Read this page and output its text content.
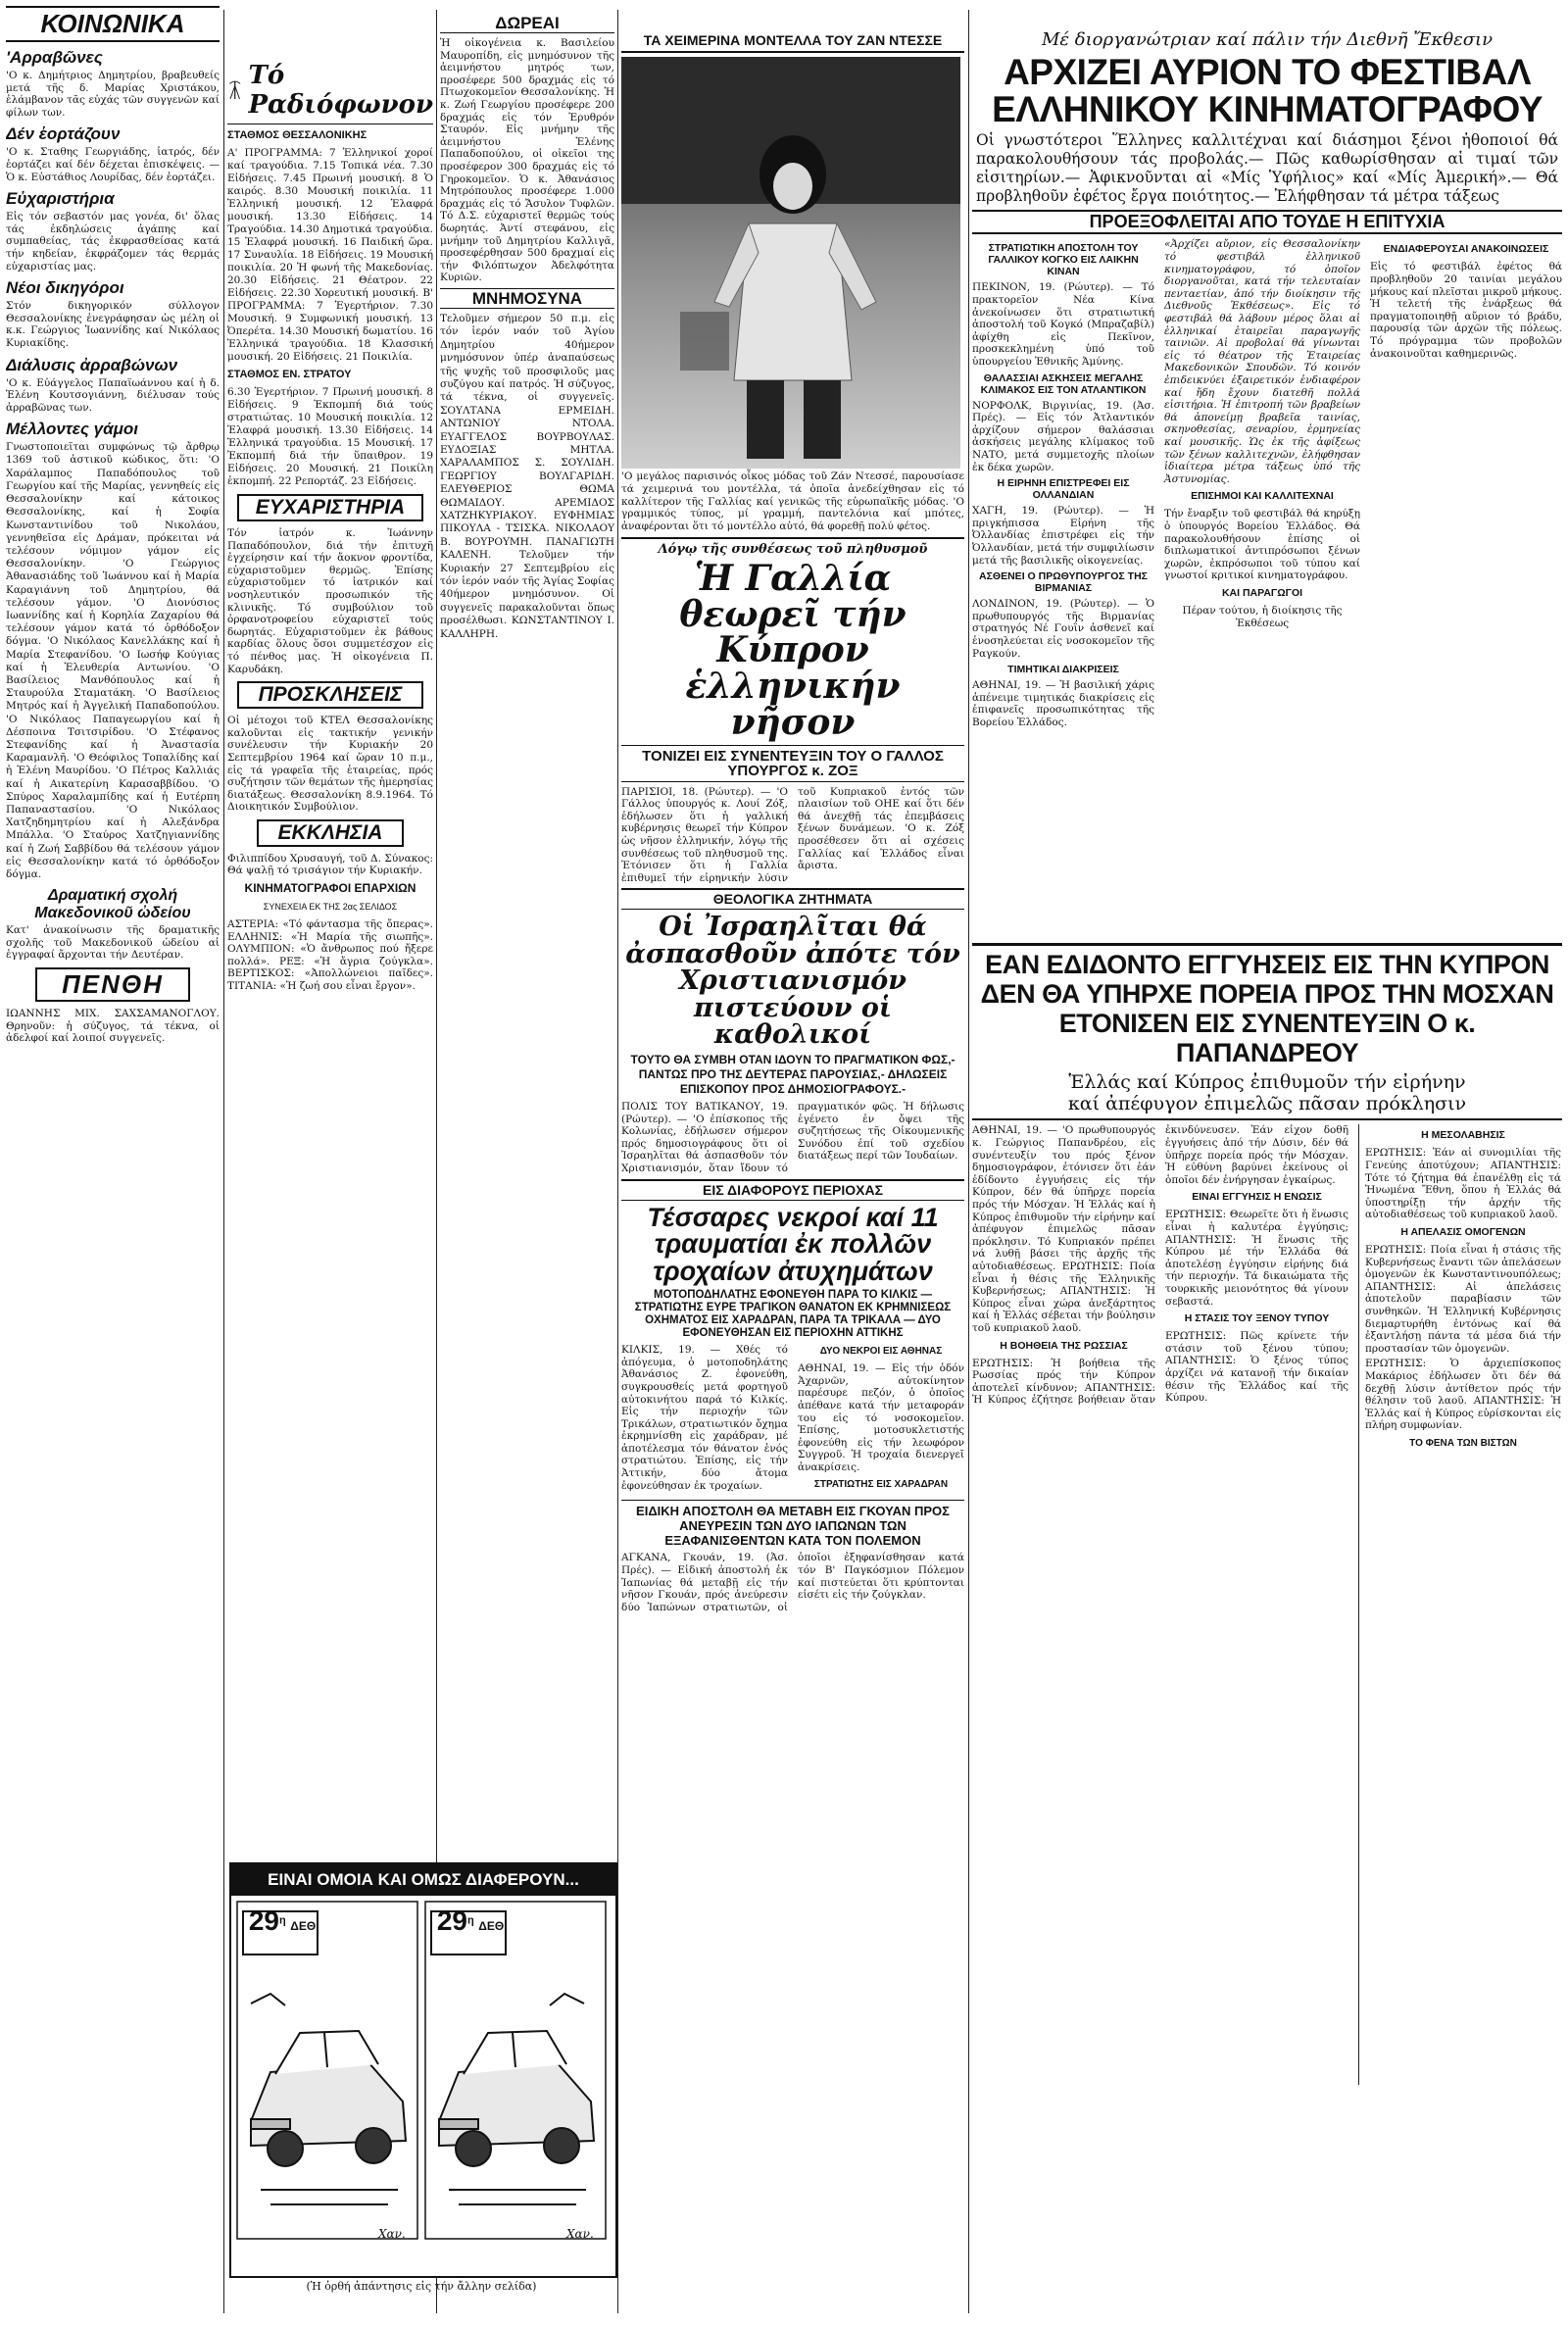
ΚΟΙΝΩΝΙΚΑ
'Αρραβῶνες

'Ο κ. Δημήτριος Δημητρίου, βραβευθείς μετά τῆς δ. Μαρίας Χριστάκου, ἐλάμβανον τᾶς εὐχάς τῶν συγγενῶν καί φίλων των.

Δέν ἑορτάζουν

'Ο κ. Σταθης Γεωργιάδης, ἰατρός, δέν ἑορτάζει καί δέν δέχεται ἐπισκέψεις. — Ὁ κ. Εὐστάθιος Λουρίδας, δέν ἑορτάζει.

Εὐχαριστήρια

Εἰς τόν σεβαστόν μας γονέα, δι' ὅλας τάς ἐκδηλώσεις ἀγάπης καί συμπαθείας, τάς ἐκφρασθείσας κατά τήν κηδείαν, ἐκφράζομεν τάς θερμάς εὐχαριστίας μας.

Νέοι δικηγόροι

Στόν δικηγορικόν σύλλογον Θεσσαλονίκης ἐνεγράφησαν ὡς μέλη οἱ κ.κ. Γεώργιος Ἰωαννίδης καί Νικόλαος Κυριακίδης.

Διάλυσις ἀρραβώνων

'Ο κ. Εὐάγγελος Παπαϊωάννου καί ἡ δ. Ἑλένη Κουτσογιάννη, διέλυσαν τούς ἀρραβῶνας των.

Μέλλοντες γάμοι

Γνωστοποιεῖται συμφώνως τῷ ἄρθρῳ 1369 τοῦ ἀστικοῦ κώδικος, ὅτι: 'Ο Χαράλαμπος Παπαδόπουλος τοῦ Γεωργίου καί τῆς Μαρίας, γεννηθείς εἰς Θεσσαλονίκην καί κάτοικος Θεσσαλονίκης, καί ἡ Σοφία Κωνσταντινίδου τοῦ Νικολάου, γεννηθεῖσα εἰς Δράμαν, πρόκειται νά τελέσουν νόμιμον γάμον εἰς Θεσσαλονίκην. 'Ο Γεώργιος Ἀθανασιάδης τοῦ Ἰωάννου καί ἡ Μαρία Καραγιάννη τοῦ Δημητρίου, θά τελέσουν γάμον. 'Ο Διονύσιος Ιωαννίδης καί ἡ Κορηλία Ζαχαρίου θά τελέσουν γάμον κατά τό ὀρθόδοξον δόγμα. 'Ο Νικόλαος Κανελλάκης καί ἡ Μαρία Στεφανίδου. 'Ο Ιωσήφ Κούγιας καί ἡ Ἐλευθερία Αντωνίου. 'Ο Βασίλειος Μανθόπουλος καί ἡ Σταυρούλα Σταματάκη. 'Ο Βασίλειος Μητρός καί ἡ Ἀγγελική Παπαδοπούλου. 'Ο Νικόλαος Παπαγεωργίου καί ἡ Δέσποινα Τσιτσιρίδου. 'Ο Στέφανος Στεφανίδης καί ἡ Ἀναστασία Καραμανλῆ. 'Ο Θεόφιλος Τοπαλίδης καί ἡ Ἑλένη Μαυρίδου. 'Ο Πέτρος Καλλιάς καί ἡ Αικατερίνη Καρασαββίδου. 'Ο Σπύρος Χαραλαμπίδης καί ἡ Ευτέρπη Παπαναστασίου. 'Ο Νικόλαος Χατζηδημητρίου καί ἡ Αλεξάνδρα Μπάλλα. 'Ο Σταύρος Χατζηγιαννίδης καί ἡ Ζωή Σαββίδου θά τελέσουν γάμον εἰς Θεσσαλονίκην κατά τό ὀρθόδοξον δόγμα.

Δραματική σχολή Μακεδονικοῦ ὠδείου

Κατ' ἀνακοίνωσιν τῆς δραματικῆς σχολῆς τοῦ Μακεδονικοῦ ὠδείου αἱ ἐγγραφαί ἄρχονται τήν Δευτέραν.

ΠΕΝΘΗ

ΙΩΑΝΝΗΣ ΜΙΧ. ΣΑΧΣΑΜΑΝΟΓΛΟΥ. Θρηνοῦν: ἡ σύζυγος, τά τέκνα, οἱ ἀδελφοί καί λοιποί συγγενεῖς.

Τό Ραδιόφωνον
ΣΤΑΘΜΟΣ ΘΕΣΣΑΛΟΝΙΚΗΣ

Α' ΠΡΟΓΡΑΜΜΑ: 7 Ἑλληνικοί χοροί καί τραγούδια. 7.15 Τοπικά νέα. 7.30 Εἰδήσεις. 7.45 Πρωινή μουσική. 8 Ὁ καιρός. 8.30 Μουσική ποικιλία. 11 Ἑλληνική μουσική. 12 Ἐλαφρά μουσική. 13.30 Εἰδήσεις. 14 Τραγούδια. 14.30 Δημοτικά τραγούδια. 15 Ἐλαφρά μουσική. 16 Παιδική ὥρα. 17 Συναυλία. 18 Εἰδήσεις. 19 Μουσική ποικιλία. 20 Ἡ φωνή τῆς Μακεδονίας. 20.30 Εἰδήσεις. 21 Θέατρον. 22 Εἰδήσεις. 22.30 Χορευτική μουσική. Β' ΠΡΟΓΡΑΜΜΑ: 7 Ἐγερτήριον. 7.30 Μουσική. 9 Συμφωνική μουσική. 13 Ὀπερέτα. 14.30 Μουσική δωματίου. 16 Ἑλληνικά τραγούδια. 18 Κλασσική μουσική. 20 Εἰδήσεις. 21 Ποικιλία.

ΣΤΑΘΜΟΣ ΕΝ. ΣΤΡΑΤΟΥ

6.30 Ἐγερτήριον. 7 Πρωινή μουσική. 8 Εἰδήσεις. 9 Ἐκπομπή διά τούς στρατιώτας. 10 Μουσική ποικιλία. 12 Ἐλαφρά μουσική. 13.30 Εἰδήσεις. 14 Ἑλληνικά τραγούδια. 15 Μουσική. 17 Ἐκπομπή διά τήν ὕπαιθρον. 19 Εἰδήσεις. 20 Μουσική. 21 Ποικίλη ἐκπομπή. 22 Ρεπορτάζ. 23 Εἰδήσεις.

ΕΥΧΑΡΙΣΤΗΡΙΑ

Τόν ἰατρόν κ. Ἰωάννην Παπαδόπουλον, διά τήν ἐπιτυχῆ ἐγχείρησιν καί τήν ἄοκνον φροντίδα, εὐχαριστοῦμεν θερμῶς. Ἐπίσης εὐχαριστοῦμεν τό ἰατρικόν καί νοσηλευτικόν προσωπικόν τῆς κλινικῆς. Τό συμβούλιον τοῦ ὀρφανοτροφείου εὐχαριστεῖ τούς δωρητάς. Εὐχαριστοῦμεν ἐκ βάθους καρδίας ὅλους ὅσοι συμμετέσχον εἰς τό πένθος μας. Ἡ οἰκογένεια Π. Καρυδάκη.

ΠΡΟΣΚΛΗΣΕΙΣ

Οἱ μέτοχοι τοῦ ΚΤΕΛ Θεσσαλονίκης καλοῦνται εἰς τακτικήν γενικήν συνέλευσιν τήν Κυριακήν 20 Σεπτεμβρίου 1964 καί ὥραν 10 π.μ., εἰς τά γραφεῖα τῆς ἑταιρείας, πρός συζήτησιν τῶν θεμάτων τῆς ἡμερησίας διατάξεως. Θεσσαλονίκη 8.9.1964. Τό Διοικητικόν Συμβούλιον.

ΕΚΚΛΗΣΙΑ

Φιλιππίδου Χρυσαυγή, τοῦ Δ. Σύνακος: Θά ψαλῇ τό τρισάγιον τήν Κυριακήν.

ΚΙΝΗΜΑΤΟΓΡΑΦΟΙ ΕΠΑΡΧΙΩΝ
ΣΥΝΕΧΕΙΑ ΕΚ ΤΗΣ 2ας ΣΕΛΙΔΟΣ

ΑΣΤΕΡΙΑ: «Τό φάντασμα τῆς ὄπερας». ΕΛΛΗΝΙΣ: «Ἡ Μαρία τῆς σιωπῆς». ΟΛΥΜΠΙΟΝ: «Ὁ ἄνθρωπος πού ἤξερε πολλά». ΡΕΞ: «Ἡ ἄγρια ζούγκλα». ΒΕΡΤΙΣΚΟΣ: «Ἀπολλώνειοι παῖδες». ΤΙΤΑΝΙΑ: «Ἡ ζωή σου εἶναι ἔργον».

ΔΩΡΕΑΙ

Ἡ οἰκογένεια κ. Βασιλείου Μαυροπίδη, εἰς μνημόσυνον τῆς ἀειμνήστου μητρός των, προσέφερε 500 δραχμάς εἰς τό Πτωχοκομεῖον Θεσσαλονίκης. Ἡ κ. Ζωή Γεωργίου προσέφερε 200 δραχμάς εἰς τόν Ἐρυθρόν Σταυρόν. Εἰς μνήμην τῆς ἀειμνήστου Ἑλένης Παπαδοπούλου, οἱ οἰκεῖοι της προσέφερον 300 δραχμάς εἰς τό Γηροκομεῖον. Ὁ κ. Ἀθανάσιος Μητρόπουλος προσέφερε 1.000 δραχμάς εἰς τό Ἄσυλον Τυφλῶν. Τό Δ.Σ. εὐχαριστεῖ θερμῶς τούς δωρητάς. Ἀντί στεφάνου, εἰς μνήμην τοῦ Δημητρίου Καλλιγᾶ, προσεφέρθησαν 500 δραχμαί εἰς τήν Φιλόπτωχον Ἀδελφότητα Κυριῶν.

ΜΝΗΜΟΣΥΝΑ

Τελοῦμεν σήμερον 50 π.μ. εἰς τόν ἱερόν ναόν τοῦ Ἁγίου Δημητρίου 40ήμερον μνημόσυνον ὑπέρ ἀναπαύσεως τῆς ψυχῆς τοῦ προσφιλοῦς μας συζύγου καί πατρός. Ἡ σύζυγος, τά τέκνα, οἱ συγγενεῖς. ΣΟΥΛΤΑΝΑ ΕΡΜΕΙΔΗ. ΑΝΤΩΝΙΟΥ ΝΤΟΛΑ. ΕΥΑΓΓΕΛΟΣ ΒΟΥΡΒΟΥΛΑΣ. ΕΥΔΟΞΙΑΣ ΜΗΤΛΑ. ΧΑΡΑΛΑΜΠΟΣ Σ. ΣΟΥΛΙΔΗ. ΓΕΩΡΓΙΟΥ ΒΟΥΛΓΑΡΙΔΗ. ΕΛΕΥΘΕΡΙΟΣ ΘΩΜΑ ΘΩΜΑΙΔΟΥ. ΑΡΕΜΙΔΟΣ ΧΑΤΖΗΚΥΡΙΑΚΟΥ. ΕΥΦΗΜΙΑΣ ΠΙΚΟΥΛΑ - ΤΣΙΣΚΑ. ΝΙΚΟΛΑΟΥ Β. ΒΟΥΡΟΥΜΗ. ΠΑΝΑΓΙΩΤΗ ΚΑΛΕΝΗ. Τελοῦμεν τήν Κυριακήν 27 Σεπτεμβρίου εἰς τόν ἱερόν ναόν τῆς Ἁγίας Σοφίας 40ήμερον μνημόσυνον. Οἱ συγγενεῖς παρακαλοῦνται ὅπως προσέλθωσι. ΚΩΝΣΤΑΝΤΙΝΟΥ Ι. ΚΑΛΛΗΡΗ.

ΕΙΝΑΙ ΟΜΟΙΑ ΚΑΙ ΟΜΩΣ ΔΙΑΦΕΡΟΥΝ...
$29^\eta$ ΔΕΘ	$29^\eta$ ΔΕΘ
Χαν.	Χαν.
(Ἡ ὀρθή ἀπάντησις εἰς τήν ἄλλην σελίδα)
ΤΑ ΧΕΙΜΕΡΙΝΑ ΜΟΝΤΕΛΛΑ ΤΟΥ ΖΑΝ ΝΤΕΣΣΕ

'Ο μεγάλος παρισινός οἶκος μόδας τοῦ Ζάν Ντεσσέ, παρουσίασε τά χειμερινά του μοντέλλα, τά ὁποῖα ἀνεδείχθησαν εἰς τό καλλίτερον τῆς Γαλλίας καί γενικῶς τῆς εὐρωπαϊκῆς μόδας. 'Ο γραμμικός τύπος, μί γραμμή, παντελόνια καί μπότες, ἀναφέρονται ὅτι τό μοντέλλο αὐτό, θά φορεθῇ πολύ φέτος.

Λόγῳ τῆς συνθέσεως τοῦ πληθυσμοῦ
Ἡ Γαλλία θεωρεῖ τήν Κύπρον ἑλληνικήν νῆσον
ΤΟΝΙΖΕΙ ΕΙΣ ΣΥΝΕΝΤΕΥΞΙΝ ΤΟΥ Ο ΓΑΛΛΟΣ ΥΠΟΥΡΓΟΣ κ. ΖΟΞ

ΠΑΡΙΣΙΟΙ, 18. (Ρώυτερ). — 'Ο Γάλλος ὑπουργός κ. Λουί Ζόξ, ἐδήλωσεν ὅτι ἡ γαλλική κυβέρνησις θεωρεῖ τήν Κύπρον ὡς νῆσον ἑλληνικήν, λόγῳ τῆς συνθέσεως τοῦ πληθυσμοῦ της. Ἐτόνισεν ὅτι ἡ Γαλλία ἐπιθυμεῖ τήν εἰρηνικήν λύσιν τοῦ Κυπριακοῦ ἐντός τῶν πλαισίων τοῦ ΟΗΕ καί ὅτι δέν θά ἀνεχθῇ τάς ἐπεμβάσεις ξένων δυνάμεων. 'Ο κ. Ζόξ προσέθεσεν ὅτι αἱ σχέσεις Γαλλίας καί Ἑλλάδος εἶναι ἄριστα.

ΘΕΟΛΟΓΙΚΑ ΖΗΤΗΜΑΤΑ
Οἱ Ἰσραηλῖται θά ἀσπασθοῦν ἀπότε τόν Χριστιανισμόν πιστεύουν οἱ καθολικοί
ΤΟΥΤΟ ΘΑ ΣΥΜΒΗ ΟΤΑΝ ΙΔΟΥΝ ΤΟ ΠΡΑΓΜΑΤΙΚΟΝ ΦΩΣ,- ΠΑΝΤΩΣ ΠΡΟ ΤΗΣ ΔΕΥΤΕΡΑΣ ΠΑΡΟΥΣΙΑΣ,- ΔΗΛΩΣΕΙΣ ΕΠΙΣΚΟΠΟΥ ΠΡΟΣ ΔΗΜΟΣΙΟΓΡΑΦΟΥΣ.-

ΠΟΛΙΣ ΤΟΥ ΒΑΤΙΚΑΝΟΥ, 19. (Ρώυτερ). — 'Ο ἐπίσκοπος τῆς Κολωνίας, ἐδήλωσεν σήμερον πρός δημοσιογράφους ὅτι οἱ Ἰσραηλῖται θά ἀσπασθοῦν τόν Χριστιανισμόν, ὅταν ἴδουν τό πραγματικόν φῶς. Ἡ δήλωσις ἐγένετο ἐν ὄψει τῆς συζητήσεως τῆς Οἰκουμενικῆς Συνόδου ἐπί τοῦ σχεδίου διατάξεως περί τῶν Ἰουδαίων.

ΕΙΣ ΔΙΑΦΟΡΟΥΣ ΠΕΡΙΟΧΑΣ
Τέσσαρες νεκροί καί 11 τραυματίαι ἐκ πολλῶν τροχαίων ἀτυχημάτων
ΜΟΤΟΠΟΔΗΛΑΤΗΣ ΕΦΟΝΕΥΘΗ ΠΑΡΑ ΤΟ ΚΙΛΚΙΣ — ΣΤΡΑΤΙΩΤΗΣ ΕΥΡΕ ΤΡΑΓΙΚΟΝ ΘΑΝΑΤΟΝ ΕΚ ΚΡΗΜΝΙΣΕΩΣ ΟΧΗΜΑΤΟΣ ΕΙΣ ΧΑΡΑΔΡΑΝ, ΠΑΡΑ ΤΑ ΤΡΙΚΑΛΑ — ΔΥΟ ΕΦΟΝΕΥΘΗΣΑΝ ΕΙΣ ΠΕΡΙΟΧΗΝ ΑΤΤΙΚΗΣ

ΚΙΛΚΙΣ, 19. — Χθές τό ἀπόγευμα, ὁ μοτοποδηλάτης Ἀθανάσιος Ζ. ἐφονεύθη, συγκρουσθείς μετά φορτηγοῦ αὐτοκινήτου παρά τό Κιλκίς. Εἰς τήν περιοχήν τῶν Τρικάλων, στρατιωτικόν ὄχημα ἐκρημνίσθη εἰς χαράδραν, μέ ἀποτέλεσμα τόν θάνατον ἑνός στρατιώτου. Ἐπίσης, εἰς τήν Ἀττικήν, δύο ἄτομα ἐφονεύθησαν ἐκ τροχαίων.

ΔΥΟ ΝΕΚΡΟΙ ΕΙΣ ΑΘΗΝΑΣ

ΑΘΗΝΑΙ, 19. — Εἰς τήν ὁδόν Ἀχαρνῶν, αὐτοκίνητον παρέσυρε πεζόν, ὁ ὁποῖος ἀπέθανε κατά τήν μεταφοράν του εἰς τό νοσοκομεῖον. Ἐπίσης, μοτοσυκλετιστής ἐφονεύθη εἰς τήν λεωφόρον Συγγροῦ. Ἡ τροχαία διενεργεῖ ἀνακρίσεις.

ΣΤΡΑΤΙΩΤΗΣ ΕΙΣ ΧΑΡΑΔΡΑΝ
ΕΙΔΙΚΗ ΑΠΟΣΤΟΛΗ ΘΑ ΜΕΤΑΒΗ ΕΙΣ ΓΚΟΥΑΝ ΠΡΟΣ ΑΝΕΥΡΕΣΙΝ ΤΩΝ ΔΥΟ ΙΑΠΩΝΩΝ ΤΩΝ ΕΞΑΦΑΝΙΣΘΕΝΤΩΝ ΚΑΤΑ ΤΟΝ ΠΟΛΕΜΟΝ

ΑΓΚΑΝΑ, Γκουάν, 19. (Ἀσ. Πρές). — Εἰδική ἀποστολή ἐκ Ἰαπωνίας θά μεταβῇ εἰς τήν νῆσον Γκουάν, πρός ἀνεύρεσιν δύο Ἰαπώνων στρατιωτῶν, οἱ ὁποῖοι ἐξηφανίσθησαν κατά τόν Β' Παγκόσμιον Πόλεμον καί πιστεύεται ὅτι κρύπτονται εἰσέτι εἰς τήν ζούγκλαν.

Μέ διοργανώτριαν καί πάλιν τήν Διεθνῆ Ἔκθεσιν
ΑΡΧΙΖΕΙ ΑΥΡΙΟΝ ΤΟ ΦΕΣΤΙΒΑΛ ΕΛΛΗΝΙΚΟΥ ΚΙΝΗΜΑΤΟΓΡΑΦΟΥ
Οἱ γνωστότεροι Ἕλληνες καλλιτέχναι καί διάσημοι ξένοι ἠθοποιοί θά παρακολουθήσουν τάς προβολάς.— Πῶς καθωρίσθησαν αἱ τιμαί τῶν εἰσιτηρίων.— Ἀφικνοῦνται αἱ «Μίς Ὑφήλιος» καί «Μίς Ἀμερική».— Θά προβληθοῦν ἐφέτος ἔργα ποιότητος.— Ἐλήφθησαν τά μέτρα τάξεως
ΠΡΟΕΞΟΦΛΕΙΤΑΙ ΑΠΟ ΤΟΥΔΕ Η ΕΠΙΤΥΧΙΑ
ΣΤΡΑΤΙΩΤΙΚΗ ΑΠΟΣΤΟΛΗ ΤΟΥ ΓΑΛΛΙΚΟΥ ΚΟΓΚΟ ΕΙΣ ΛΑΙΚΗΝ ΚΙΝΑΝ

ΠΕΚΙΝΟΝ, 19. (Ρώυτερ). — Τό πρακτορεῖον Νέα Κίνα ἀνεκοίνωσεν ὅτι στρατιωτική ἀποστολή τοῦ Κογκό (Μπραζαβίλ) ἀφίχθη εἰς Πεκῖνον, προσκεκλημένη ὑπό τοῦ ὑπουργείου Ἐθνικῆς Ἀμύνης.

ΘΑΛΑΣΣΙΑΙ ΑΣΚΗΣΕΙΣ ΜΕΓΑΛΗΣ ΚΛΙΜΑΚΟΣ ΕΙΣ ΤΟΝ ΑΤΛΑΝΤΙΚΟΝ

ΝΟΡΦΟΛΚ, Βιργινίας, 19. (Ἀσ. Πρές). — Εἰς τόν Ἀτλαντικόν ἀρχίζουν σήμερον θαλάσσιαι ἀσκήσεις μεγάλης κλίμακος τοῦ ΝΑΤΟ, μετά συμμετοχῆς πλοίων ἐκ δέκα χωρῶν.

Η ΕΙΡΗΝΗ ΕΠΙΣΤΡΕΦΕΙ ΕΙΣ ΟΛΛΑΝΔΙΑΝ

ΧΑΓΗ, 19. (Ρώυτερ). — Ἡ πριγκήπισσα Εἰρήνη τῆς Ὀλλανδίας ἐπιστρέφει εἰς τήν Ὀλλανδίαν, μετά τήν συμφιλίωσιν μετά τῆς βασιλικῆς οἰκογενείας.

ΑΣΘΕΝΕΙ Ο ΠΡΩΘΥΠΟΥΡΓΟΣ ΤΗΣ ΒΙΡΜΑΝΙΑΣ

ΛΟΝΔΙΝΟΝ, 19. (Ρώυτερ). — Ὁ πρωθυπουργός τῆς Βιρμανίας στρατηγός Νέ Γουΐν ἀσθενεῖ καί ἐνοσηλεύεται εἰς νοσοκομεῖον τῆς Ραγκούν.

ΤΙΜΗΤΙΚΑΙ ΔΙΑΚΡΙΣΕΙΣ

ΑΘΗΝΑΙ, 19. — Ἡ βασιλική χάρις ἀπένειμε τιμητικάς διακρίσεις εἰς ἐπιφανεῖς προσωπικότητας τῆς Βορείου Ἑλλάδος.

«Ἀρχίζει αὔριον, εἰς Θεσσαλονίκην τό φεστιβάλ ἑλληνικοῦ κινηματογράφου, τό ὁποῖον διοργανοῦται, κατά τήν τελευταίαν πενταετίαν, ἀπό τήν διοίκησιν τῆς Διεθνοῦς Ἐκθέσεως». Εἰς τό φεστιβάλ θά λάβουν μέρος ὅλαι αἱ ἑλληνικαί ἑταιρεῖαι παραγωγῆς ταινιῶν. Αἱ προβολαί θά γίνωνται εἰς τό θέατρον τῆς Ἑταιρείας Μακεδονικῶν Σπουδῶν. Τό κοινόν ἐπιδεικνύει ἐξαιρετικόν ἐνδιαφέρον καί ἤδη ἔχουν διατεθῆ πολλά εἰσιτήρια. Ἡ ἐπιτροπή τῶν βραβείων θά ἀπονείμῃ βραβεῖα ταινίας, σκηνοθεσίας, σεναρίου, ἑρμηνείας καί μουσικῆς. Ὡς ἐκ τῆς ἀφίξεως τῶν ξένων καλλιτεχνῶν, ἐλήφθησαν ἰδιαίτερα μέτρα τάξεως ὑπό τῆς Ἀστυνομίας.

ΕΠΙΣΗΜΟΙ ΚΑΙ ΚΑΛΛΙΤΕΧΝΑΙ

Τήν ἔναρξιν τοῦ φεστιβάλ θά κηρύξῃ ὁ ὑπουργός Βορείου Ἑλλάδος. Θά παρακολουθήσουν ἐπίσης οἱ διπλωματικοί ἀντιπρόσωποι ξένων χωρῶν, ἐκπρόσωποι τοῦ τύπου καί γνωστοί κριτικοί κινηματογράφου.

ΚΑΙ ΠΑΡΑΓΩΓΟΙ

Πέραν τούτου, ἡ διοίκησις τῆς Ἐκθέσεως

ΕΝΔΙΑΦΕΡΟΥΣΑΙ ΑΝΑΚΟΙΝΩΣΕΙΣ

Εἰς τό φεστιβάλ ἐφέτος θά προβληθοῦν 20 ταινίαι μεγάλου μήκους καί πλεῖσται μικροῦ μήκους. Ἡ τελετή τῆς ἐνάρξεως θά πραγματοποιηθῇ αὔριον τό βράδυ, παρουσίᾳ τῶν ἀρχῶν τῆς πόλεως. Τό πρόγραμμα τῶν προβολῶν ἀνακοινοῦται καθημερινῶς.

ΕΑΝ ΕΔΙΔΟΝΤΟ ΕΓΓΥΗΣΕΙΣ ΕΙΣ ΤΗΝ ΚΥΠΡΟΝ ΔΕΝ ΘΑ ΥΠΗΡΧΕ ΠΟΡΕΙΑ ΠΡΟΣ ΤΗΝ ΜΟΣΧΑΝ ΕΤΟΝΙΣΕΝ ΕΙΣ ΣΥΝΕΝΤΕΥΞΙΝ Ο κ. ΠΑΠΑΝΔΡΕΟΥ
Ἑλλάς καί Κύπρος ἐπιθυμοῦν τήν εἰρήνην
καί ἀπέφυγον ἐπιμελῶς πᾶσαν πρόκλησιν

ΑΘΗΝΑΙ, 19. — 'Ο πρωθυπουργός κ. Γεώργιος Παπανδρέου, εἰς συνέντευξίν του πρός ξένον δημοσιογράφον, ἐτόνισεν ὅτι ἐάν ἐδίδοντο ἐγγυήσεις εἰς τήν Κύπρον, δέν θά ὑπῆρχε πορεία πρός τήν Μόσχαν. Ἡ Ἑλλάς καί ἡ Κύπρος ἐπιθυμοῦν τήν εἰρήνην καί ἀπέφυγον ἐπιμελῶς πᾶσαν πρόκλησιν. Τό Κυπριακόν πρέπει νά λυθῇ βάσει τῆς ἀρχῆς τῆς αὐτοδιαθέσεως. ΕΡΩΤΗΣΙΣ: Ποία εἶναι ἡ θέσις τῆς Ἑλληνικῆς Κυβερνήσεως; ΑΠΑΝΤΗΣΙΣ: Ἡ Κύπρος εἶναι χώρα ἀνεξάρτητος καί ἡ Ἑλλάς σέβεται τήν βούλησιν τοῦ κυπριακοῦ λαοῦ.

Η ΒΟΗΘΕΙΑ ΤΗΣ ΡΩΣΣΙΑΣ

ΕΡΩΤΗΣΙΣ: Ἡ βοήθεια τῆς Ρωσσίας πρός τήν Κύπρον ἀποτελεῖ κίνδυνον; ΑΠΑΝΤΗΣΙΣ: Ἡ Κύπρος ἐζήτησε βοήθειαν ὅταν ἐκινδύνευσεν. Ἐάν εἶχον δοθῆ ἐγγυήσεις ἀπό τήν Δύσιν, δέν θά ὑπῆρχε πορεία πρός τήν Μόσχαν. Ἡ εὐθύνη βαρύνει ἐκείνους οἱ ὁποῖοι δέν ἐνήργησαν ἐγκαίρως.

ΕΙΝΑΙ ΕΓΓΥΗΣΙΣ Η ΕΝΩΣΙΣ

ΕΡΩΤΗΣΙΣ: Θεωρεῖτε ὅτι ἡ ἕνωσις εἶναι ἡ καλυτέρα ἐγγύησις; ΑΠΑΝΤΗΣΙΣ: Ἡ ἕνωσις τῆς Κύπρου μέ τήν Ἑλλάδα θά ἀποτελέσῃ ἐγγύησιν εἰρήνης διά τήν περιοχήν. Τά δικαιώματα τῆς τουρκικῆς μειονότητος θά γίνουν σεβαστά.

Η ΣΤΑΣΙΣ ΤΟΥ ΞΕΝΟΥ ΤΥΠΟΥ

ΕΡΩΤΗΣΙΣ: Πῶς κρίνετε τήν στάσιν τοῦ ξένου τύπου; ΑΠΑΝΤΗΣΙΣ: Ὁ ξένος τύπος ἀρχίζει νά κατανοῇ τήν δικαίαν θέσιν τῆς Ἑλλάδος καί τῆς Κύπρου.

Η ΜΕΣΟΛΑΒΗΣΙΣ

ΕΡΩΤΗΣΙΣ: Ἐάν αἱ συνομιλίαι τῆς Γενεύης ἀποτύχουν; ΑΠΑΝΤΗΣΙΣ: Τότε τό ζήτημα θά ἐπανέλθῃ εἰς τά Ἡνωμένα Ἔθνη, ὅπου ἡ Ἑλλάς θά ὑποστηρίξῃ τήν ἀρχήν τῆς αὐτοδιαθέσεως τοῦ κυπριακοῦ λαοῦ.

Η ΑΠΕΛΑΣΙΣ ΟΜΟΓΕΝΩΝ

ΕΡΩΤΗΣΙΣ: Ποία εἶναι ἡ στάσις τῆς Κυβερνήσεως ἔναντι τῶν ἀπελάσεων ὁμογενῶν ἐκ Κωνσταντινουπόλεως; ΑΠΑΝΤΗΣΙΣ: Αἱ ἀπελάσεις ἀποτελοῦν παραβίασιν τῶν συνθηκῶν. Ἡ Ἑλληνική Κυβέρνησις διεμαρτυρήθη ἐντόνως καί θά ἐξαντλήσῃ πάντα τά μέσα διά τήν προστασίαν τῶν ὁμογενῶν.

ΕΡΩΤΗΣΙΣ: Ὁ ἀρχιεπίσκοπος Μακάριος ἐδήλωσεν ὅτι δέν θά δεχθῇ λύσιν ἀντίθετον πρός τήν θέλησιν τοῦ λαοῦ. ΑΠΑΝΤΗΣΙΣ: Ἡ Ἑλλάς καί ἡ Κύπρος εὑρίσκονται εἰς πλήρη συμφωνίαν.

ΤΟ ΦΕΝΑ ΤΩΝ ΒΙΣΤΩΝ
